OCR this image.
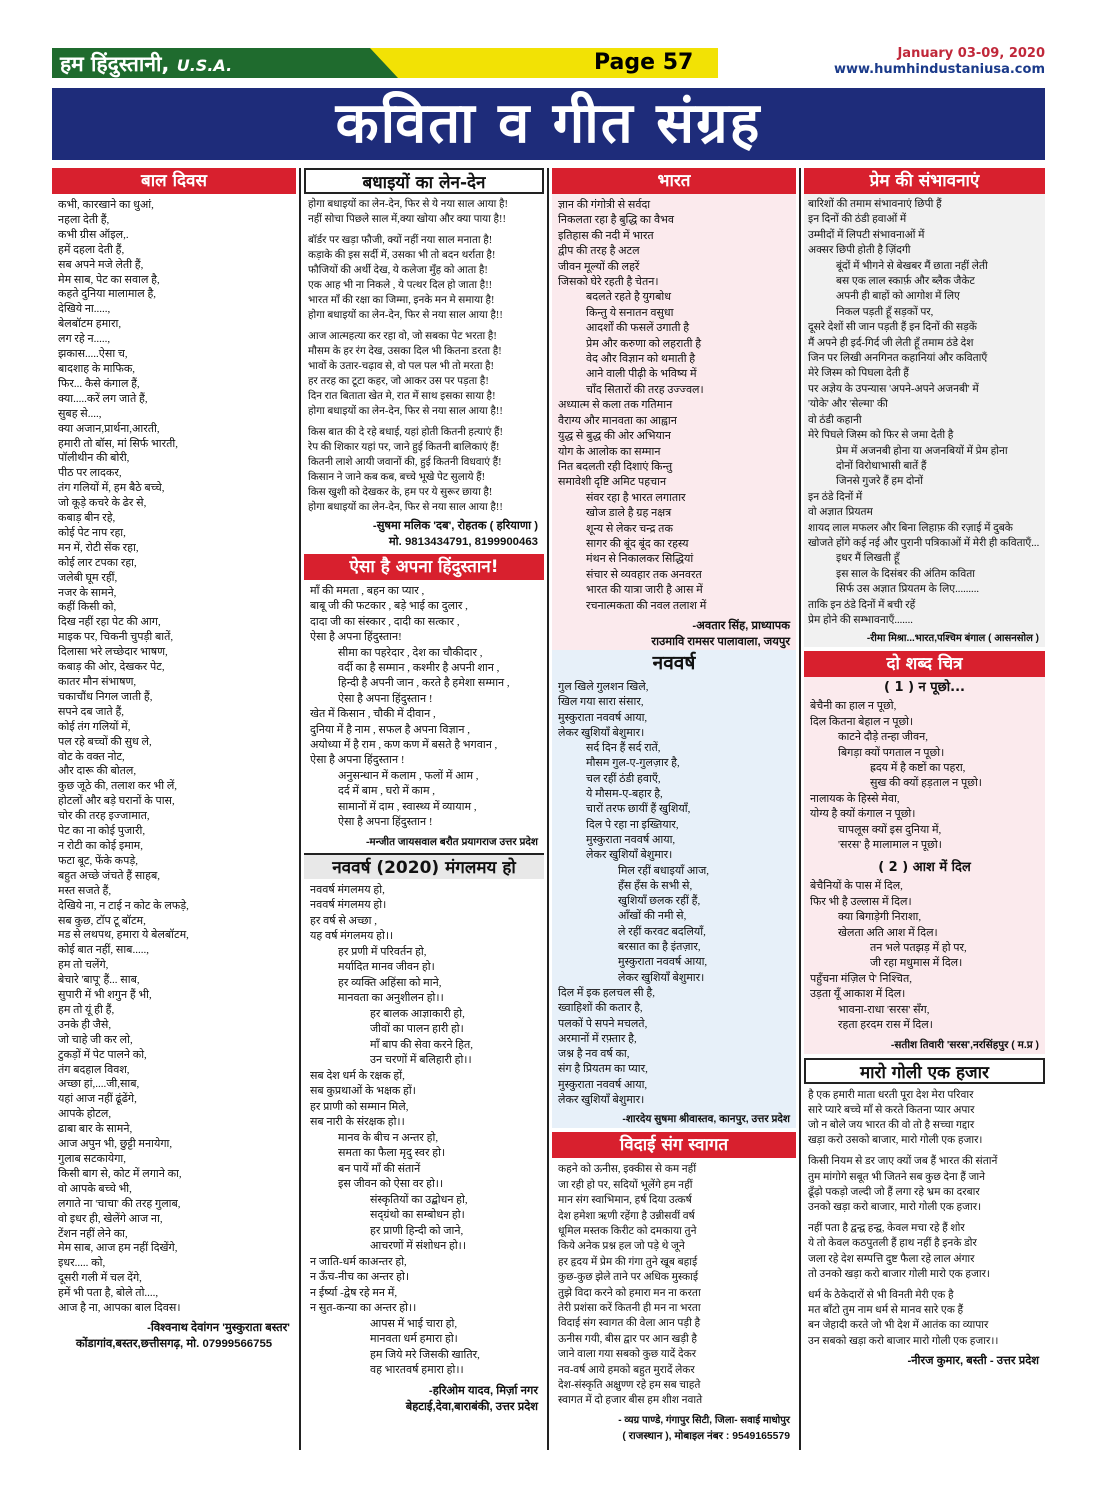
हम हिंदुस्तानी, U.S.A.	Page 57	January 03-09, 2020
www.humhindustaniusa.com
कविता व गीत संग्रह
बाल दिवस
कभी, कारखाने का धुआं,
नहला देती हैं,
कभी ग्रीस ऑइल,.
हमें दहला देती हैं,
सब अपने मजे लेती हैं,
मेम साब, पेट का सवाल है,
कहते दुनिया मालामाल है,
देखिये ना.....,
बेलबॉटम हमारा,
लग रहे न.....,
झकास.....ऐसा च,
बादशाह के माफिक,
फिर... कैसे कंगाल हैं,
क्या.....करें लग जाते हैं,
सुबह से....,
क्या अजान,प्रार्थना,आरती,
हमारी तो बॉस, मां सिर्फ भारती,
पॉलीथीन की बोरी,
पीठ पर लादकर,
तंग गलियों में, हम बैठे बच्चे,
जो कूड़े कचरे के ढेर से,
कबाड़ बीन रहे,
कोई पेट नाप रहा,
मन में, रोटी सेंक रहा,
कोई लार टपका रहा,
जलेबी घूम रहीं,
नजर के सामने,
कहीं किसी को,
दिख नहीं रहा पेट की आग,
माइक पर, चिकनी चुपड़ी बातें,
दिलासा भरे लच्छेदार भाषण,
कबाड़ की ओर, देखकर पेट,
कातर मौन संभाषण,
चकाचौंध निगल जाती हैं,
सपने दब जाते हैं,
कोई तंग गलियों में,
पल रहे बच्चों की सुध ले,
वोट के वक्त नोट,
और दारू की बोतल,
कुछ जूठे की, तलाश कर भी लें,
होटलों और बड़े घरानों के पास,
चोर की तरह इज्जामात,
पेट का ना कोई पुजारी,
न रोटी का कोई इमाम,
फटा बूट, फेंके कपड़े,
बहुत अच्छे जंचते हैं साहब,
मस्त सजते हैं,
देखिये ना, न टाई न कोट के लफड़े,
सब कुछ, टॉप टू बॉटम,
मड से लथपथ, हमारा ये बेलबॉटम,
कोई बात नहीं, साब.....,
हम तो चलेंगे,
बेचारे 'बापू' हैं... साब,
सुपारी में भी शगुन हैं भी,
हम तो यूं ही हैं,
उनके ही जैसे,
जो चाहे जी कर लो,
टुकड़ों में पेट पालने को,
तंग बदहाल विवश,
अच्छा हां,....जी,साब,
यहां आज नहीं ढूंढेंगे,
आपके होटल,
ढाबा बार के सामने,
आज अपुन भी, छुट्टी मनायेगा,
गुलाब सटकायेगा,
किसी बाग से, कोट में लगाने का,
वो आपके बच्चे भी,
लगाते ना 'चाचा' की तरह गुलाब,
वो इधर ही, खेलेंगे आज ना,
टेंशन नहीं लेने का,
मेम साब, आज हम नहीं दिखेंगे,
इधर..... को,
दूसरी गली में चल देंगे,
हमें भी पता है, बोले तो....,
आज है ना, आपका बाल दिवस।
-विश्वनाथ देवांगन 'मुस्कुराता बस्तर'
कोंडागांव,बस्तर,छत्तीसगढ़, मो. 07999566755
बधाइयों का लेन-देन
होगा बधाइयों का लेन-देन, फिर से ये नया साल आया है!
नहीं सोचा पिछले साल में,क्या खोया और क्या पाया है!!
बॉर्डर पर खड़ा फौजी, क्यों नहीं नया साल मनाता है!
कड़ाके की इस सर्दी में, उसका भी तो बदन थर्राता है!
फौजियों की अर्थी देख, ये कलेजा मुँह को आता है!
एक आह भी ना निकले , ये पत्थर दिल हो जाता है!!
भारत माँ की रक्षा का जिम्मा, इनके मन मे समाया है!
होगा बधाइयों का लेन-देन, फिर से नया साल आया है!!
आज आत्महत्या कर रहा वो, जो सबका पेट भरता है!
मौसम के हर रंग देख, उसका दिल भी कितना डरता है!
भावों के उतार-चढ़ाव से, वो पल पल भी तो मरता है!
हर तरह का टूटा कहर, जो आकर उस पर पड़ता है!
दिन रात बिताता खेत मे, रात में साथ इसका साया है!
होगा बधाइयों का लेन-देन, फिर से नया साल आया है!!
किस बात की दे रहे बधाई, यहां होती कितनी हत्याएं हैं!
रेप की शिकार यहां पर, जाने हुई कितनी बालिकाएं हैं!
कितनी लाशे आयी जवानों की, हुई कितनी विधवाएं हैं!
किसान ने जाने कब कब, बच्चे भूखे पेट सुलाये हैं!
किस खुशी को देखकर के, हम पर ये सुरूर छाया है!
होगा बधाइयों का लेन-देन, फिर से नया साल आया है!!
-सुषमा मलिक 'दब', रोहतक ( हरियाणा )
मो. 9813434791, 8199900463
ऐसा है अपना हिंदुस्तान!
माँ की ममता , बहन का प्यार ,
बाबू जी की फटकार , बड़े भाई का दुलार ,
दादा जी का संस्कार , दादी का सत्कार ,
ऐसा है अपना हिंदुस्तान!
सीमा का पहरेदार , देश का चौकीदार ,
वर्दी का है सम्मान , कश्मीर है अपनी शान ,
हिन्दी है अपनी जान , करते है हमेशा सम्मान ,
ऐसा है अपना हिंदुस्तान !
खेत में किसान , चौकी में दीवान ,
दुनिया में है नाम , सफल है अपना विज्ञान ,
अयोध्या में है राम , कण कण में बसते है भगवान ,
ऐसा है अपना हिंदुस्तान !
अनुसन्धान में कलाम , फलों में आम ,
दर्द में बाम , घरो में काम ,
सामानों में दाम , स्वास्थ्य में व्यायाम ,
ऐसा है अपना हिंदुस्तान !
-मन्जीत जायसवाल बरौत प्रयागराज उत्तर प्रदेश
नववर्ष (2020) मंगलमय हो
नववर्ष मंगलमय हो,
नववर्ष मंगलमय हो।
हर वर्ष से अच्छा ,
यह वर्ष मंगलमय हो।।
हर प्रणी में परिवर्तन हो,
मर्यादित मानव जीवन हो।
हर व्यक्ति अहिंसा को माने,
मानवता का अनुशीलन हो।।
हर बालक आज्ञाकारी हो,
जीवों का पालन हारी हो।
माँ बाप की सेवा करने हित,
उन चरणों में बलिहारी हो।।
सब देश धर्म के रक्षक हों,
सब कुप्रथाओं के भक्षक हों।
हर प्राणी को सम्मान मिले,
सब नारी के संरक्षक हो।।
मानव के बीच न अन्तर हो,
समता का फैला मृदु स्वर हो।
बन पायें माँ की संतानें
इस जीवन को ऐसा वर हो।।
संस्कृतियों का उद्बोधन हो,
सद्ग्रंथो का सम्बोधन हो।
हर प्राणी हिन्दी को जाने,
आचरणों में संशोधन हो।।
न जाति-धर्म काअन्तर हो,
न ऊँच-नीच का अन्तर हो।
न ईर्ष्या -द्वेष रहे मन में,
न सुत-कन्या का अन्तर हो।।
आपस में भाई चारा हो,
मानवता धर्म हमारा हो।
हम जिये मरे जिसकी खातिर,
वह भारतवर्ष हमारा हो।।
-हरिओम यादव, मिर्ज़ा नगर
बेहटाई,देवा,बाराबंकी, उत्तर प्रदेश
भारत
ज्ञान की गंगोत्री से सर्वदा
निकलता रहा है बुद्धि का वैभव
इतिहास की नदी में भारत
द्वीप की तरह है अटल
जीवन मूल्यों की लहरें
जिसको घेरे रहती है चेतन।
बदलते रहते है युगबोध
किन्तु ये सनातन वसुधा
आदर्शों की फसलें उगाती है
प्रेम और करुणा को लहराती है
वेद और विज्ञान को थमाती है
आने वाली पीढ़ी के भविष्य में
चाँद सितारों की तरह उज्ज्वल।
अध्यात्म से कला तक गतिमान
वैराग्य और मानवता का आह्वान
युद्ध से बुद्ध की ओर अभियान
योग के आलोक का सम्मान
नित बदलती रही दिशाएं किन्तु
समावेशी दृष्टि अमिट पहचान
संवर रहा है भारत लगातार
खोज डाले है ग्रह नक्षत्र
शून्य से लेकर चन्द्र तक
सागर की बूंद बूंद का रहस्य
मंथन से निकालकर सिद्धियां
संचार से व्यवहार तक अनवरत
भारत की यात्रा जारी है आस में
रचनात्मकता की नवल तलाश में
-अवतार सिंह, प्राध्यापक
राउमावि रामसर पालावाला, जयपुर
नववर्ष
गुल खिले गुलशन खिले,
खिल गया सारा संसार,
मुस्कुराता नववर्ष आया,
लेकर खुशियाँ बेशुमार।
सर्द दिन हैं सर्द रातें,
मौसम गुल-ए-गुलज़ार है,
चल रहीं ठंडी हवाएँ,
ये मौसम-ए-बहार है,
चारों तरफ छायीं हैं खुशियाँ,
दिल पे रहा ना इख्तियार,
मुस्कुराता नववर्ष आया,
लेकर खुशियाँ बेशुमार।
मिल रहीं बधाइयाँ आज,
हँस हँस के सभी से,
खुशियाँ छलक रहीं हैं,
आँखों की नमी से,
ले रहीं करवट बदलियाँ,
बरसात का है इंतज़ार,
मुस्कुराता नववर्ष आया,
लेकर खुशियाँ बेशुमार।
दिल में इक हलचल सी है,
ख्वाहिशों की कतार है,
पलकों पे सपने मचलते,
अरमानों में रफ़्तार है,
जश्न है नव वर्ष का,
संग है प्रियतम का प्यार,
मुस्कुराता नववर्ष आया,
लेकर खुशियाँ बेशुमार।
-शारदेय सुषमा श्रीवास्तव, कानपुर, उत्तर प्रदेश
विदाई संग स्वागत
कहने को ऊनीस, इक्कीस से कम नहीं
जा रही हो पर, सदियों भूलेंगे हम नहीं
मान संग स्वाभिमान, हर्ष दिया उत्कर्ष
देश हमेशा ऋणी रहेंगा है उन्नीसवीं वर्ष
धूमिल मस्तक किरीट को दमकाया तुने
किये अनेक प्रश्न हल जो पड़े थे जूने
हर हृदय में प्रेम की गंगा तुने खूब बहाई
कुछ-कुछ झेले ताने पर अधिक मुस्काई
तुझे विदा करने को हमारा मन ना करता
तेरी प्रशंसा करें कितनी ही मन ना भरता
विदाई संग स्वागत की वेला आन पड़ी है
ऊनीस गयी, बीस द्वार पर आन खड़ी है
जाने वाला गया सबको कुछ यादें देकर
नव-वर्ष आये हमको बहुत मुरादें लेकर
देश-संस्कृति अक्षुण्ण रहे हम सब चाहते
स्वागत में दो हजार बीस हम शीश नवाते
- व्यग्र पाण्डे, गंगापुर सिटी, जिला- सवाई माधोपुर
( राजस्थान ), मोबाइल नंबर : 9549165579
प्रेम की संभावनाएं
बारिशों की तमाम संभावनाएं छिपी हैं
इन दिनों की ठंडी हवाओं में
उम्मीदों में लिपटी संभावनाओं में
अक्सर छिपी होती है ज़िंदगी
बूंदों में भीगने से बेखबर मैं छाता नहीं लेती
बस एक लाल स्कार्फ़ और ब्लैक जैकेट
अपनी ही बाहों को आगोश में लिए
निकल पड़ती हूँ सड़कों पर,
दूसरे देशों सी जान पड़ती हैं इन दिनों की सड़कें
मैं अपने ही इर्द-गिर्द जी लेती हूँ तमाम ठंडे देश
जिन पर लिखी अनगिनत कहानियां और कविताएँ
मेरे जिस्म को पिघला देती हैं
पर अज्ञेय के उपन्यास 'अपने-अपने अजनबी' में
'योके' और 'सेल्मा' की
वो ठंडी कहानी
मेरे पिघले जिस्म को फिर से जमा देती है
प्रेम में अजनबी होना या अजनबियों में प्रेम होना
दोनों विरोधाभासी बातें हैं
जिनसे गुजरे हैं हम दोनों
इन ठंडे दिनों में
वो अज्ञात प्रियतम
शायद लाल मफलर और बिना लिहाफ़ की रज़ाई में दुबके
खोजते होंगे कई नई और पुरानी पत्रिकाओं में मेरी ही कविताएँ...
इधर मैं लिखती हूँ
इस साल के दिसंबर की अंतिम कविता
सिर्फ उस अज्ञात प्रियतम के लिए.........
ताकि इन ठंडे दिनों में बची रहें
प्रेम होने की सम्भावनाएँ.......
-रीमा मिश्रा...भारत,पश्चिम बंगाल ( आसनसोल )
दो शब्द चित्र
( 1 ) न पूछो...
बेचैनी का हाल न पूछो,
दिल कितना बेहाल न पूछो।
काटने दौड़े तन्हा जीवन,
बिगड़ा क्यों पगताल न पूछो।
ह्रदय में है कष्टों का पहरा,
सुख की क्यों हड़ताल न पूछो।
नालायक के हिस्से मेवा,
योग्य है क्यों कंगाल न पूछो।
चापलूस क्यों इस दुनिया में,
'सरस' है मालामाल न पूछो।
( 2 ) आश में दिल
बेचैनियों के पास में दिल,
फिर भी है उल्लास में दिल।
क्या बिगाड़ेगी निराशा,
खेलता अति आश में दिल।
तन भले पतझड़ में हो पर,
जी रहा मधुमास में दिल।
पहुँचना मंज़िल पे' निश्चित,
उड़ता यूँ आकाश में दिल।
भावना-राधा 'सरस' सँग,
रहता हरदम रास में दिल।
-सतीश तिवारी 'सरस',नरसिंहपुर ( म.प्र )
मारो गोली एक हजार
है एक हमारी माता धरती पूरा देश मेरा परिवार
सारे प्यारे बच्चे माँ से करते कितना प्यार अपार
जो न बोले जय भारत की वो तो है सच्चा गद्दार
खड़ा करो उसको बाजार, मारो गोली एक हजार।
किसी नियम से डर जाए क्यों जब हैं भारत की संतानें
तुम मांगोगे सबूत भी जितने सब कुछ देना हैं जाने
ढूँढ़ो पकड़ो जल्दी जो हैं लगा रहे भ्रम का दरबार
उनको खड़ा करो बाजार, मारो गोली एक हजार।
नहीं पता है द्वन्द्व हन्द्व, केवल मचा रहे हैं शोर
ये तो केवल कठपुतली हैं हाथ नहीं है इनके डोर
जला रहे देश सम्पत्ति दुष्ट फैला रहे लाल अंगार
तो उनको खड़ा करो बाजार गोली मारो एक हजार।
धर्म के ठेकेदारों से भी विनती मेरी एक है
मत बाँटो तुम नाम धर्म से मानव सारे एक हैं
बन जेहादी करते जो भी देश में आतंक का व्यापार
उन सबको खड़ा करो बाजार मारो गोली एक हजार।।
-नीरज कुमार, बस्ती - उत्तर प्रदेश
